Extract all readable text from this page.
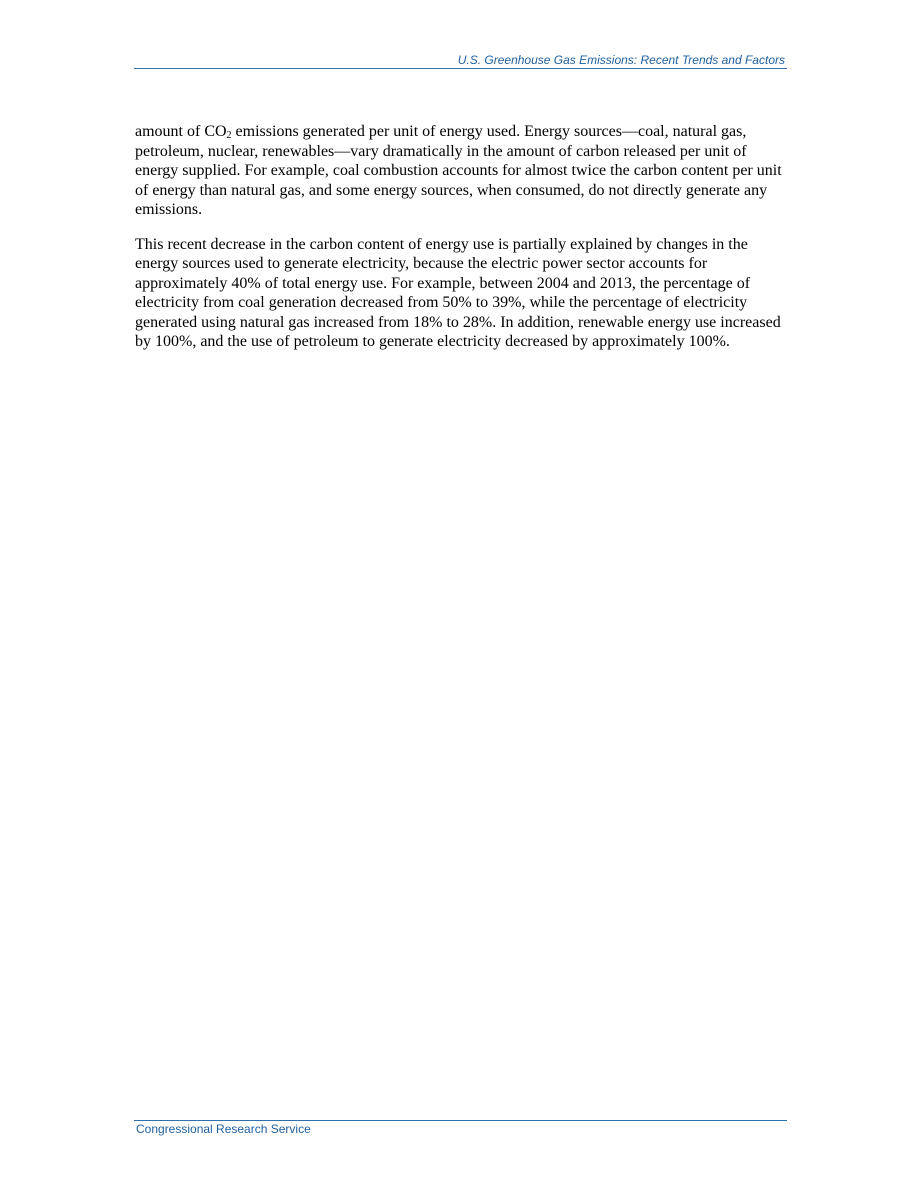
U.S. Greenhouse Gas Emissions: Recent Trends and Factors

amount of $CO_2$ emissions generated per unit of energy used. Energy sources—coal, natural gas, petroleum, nuclear, renewables—vary dramatically in the amount of carbon released per unit of energy supplied. For example, coal combustion accounts for almost twice the carbon content per unit of energy than natural gas, and some energy sources, when consumed, do not directly generate any emissions.

This recent decrease in the carbon content of energy use is partially explained by changes in the energy sources used to generate electricity, because the electric power sector accounts for approximately 40% of total energy use. For example, between 2004 and 2013, the percentage of electricity from coal generation decreased from 50% to 39%, while the percentage of electricity generated using natural gas increased from 18% to 28%. In addition, renewable energy use increased by 100%, and the use of petroleum to generate electricity decreased by approximately 100%.

Congressional Research Service
